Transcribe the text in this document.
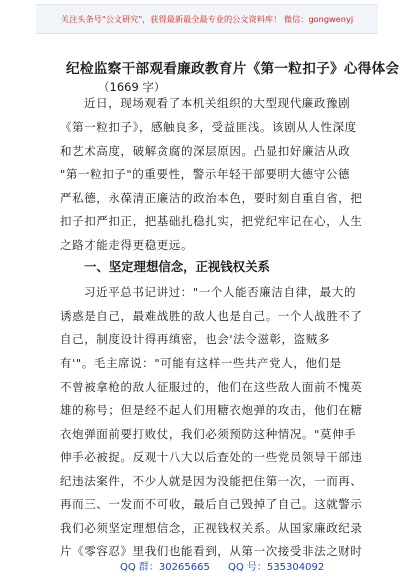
关注头条号"公文研究"，获得最新最全最专业的公文资料库！ 微信：gongwenyj
纪检监察干部观看廉政教育片《第一粒扣子》心得体会
（1669 字）
近日，现场观看了本机关组织的大型现代廉政豫剧
《第一粒扣子》，感触良多，受益匪浅。该剧从人性深度
和艺术高度，破解贪腐的深层原因。凸显扣好廉洁从政
"第一粒扣子"的重要性，警示年轻干部要明大德守公德
严私德，永葆清正廉洁的政治本色，要时刻自重自省，把
扣子扣严扣正，把基础扎稳扎实，把党纪牢记在心，人生
之路才能走得更稳更远。
一、坚定理想信念，正视钱权关系
习近平总书记讲过："一个人能否廉洁自律，最大的
诱惑是自己，最难战胜的敌人也是自己。一个人战胜不了
自己，制度设计得再缜密，也会'法令滋彰，盗贼多
有'"。毛主席说："可能有这样一些共产党人，他们是
不曾被拿枪的敌人征服过的，他们在这些敌人面前不愧英
雄的称号；但是经不起人们用糖衣炮弹的攻击，他们在糖
衣炮弹面前要打败仗，我们必须预防这种情况。"莫伸手
伸手必被捉。反观十八大以后查处的一些党员领导干部违
纪违法案件，不少人就是因为没能把住第一次，一而再、
再而三、一发而不可收，最后自己毁掉了自己。这就警示
我们必须坚定理想信念，正视钱权关系。从国家廉政纪录
片《零容忍》里我们也能看到，从第一次接受非法之财时
QQ 群：30265665 QQ 号：535304092
